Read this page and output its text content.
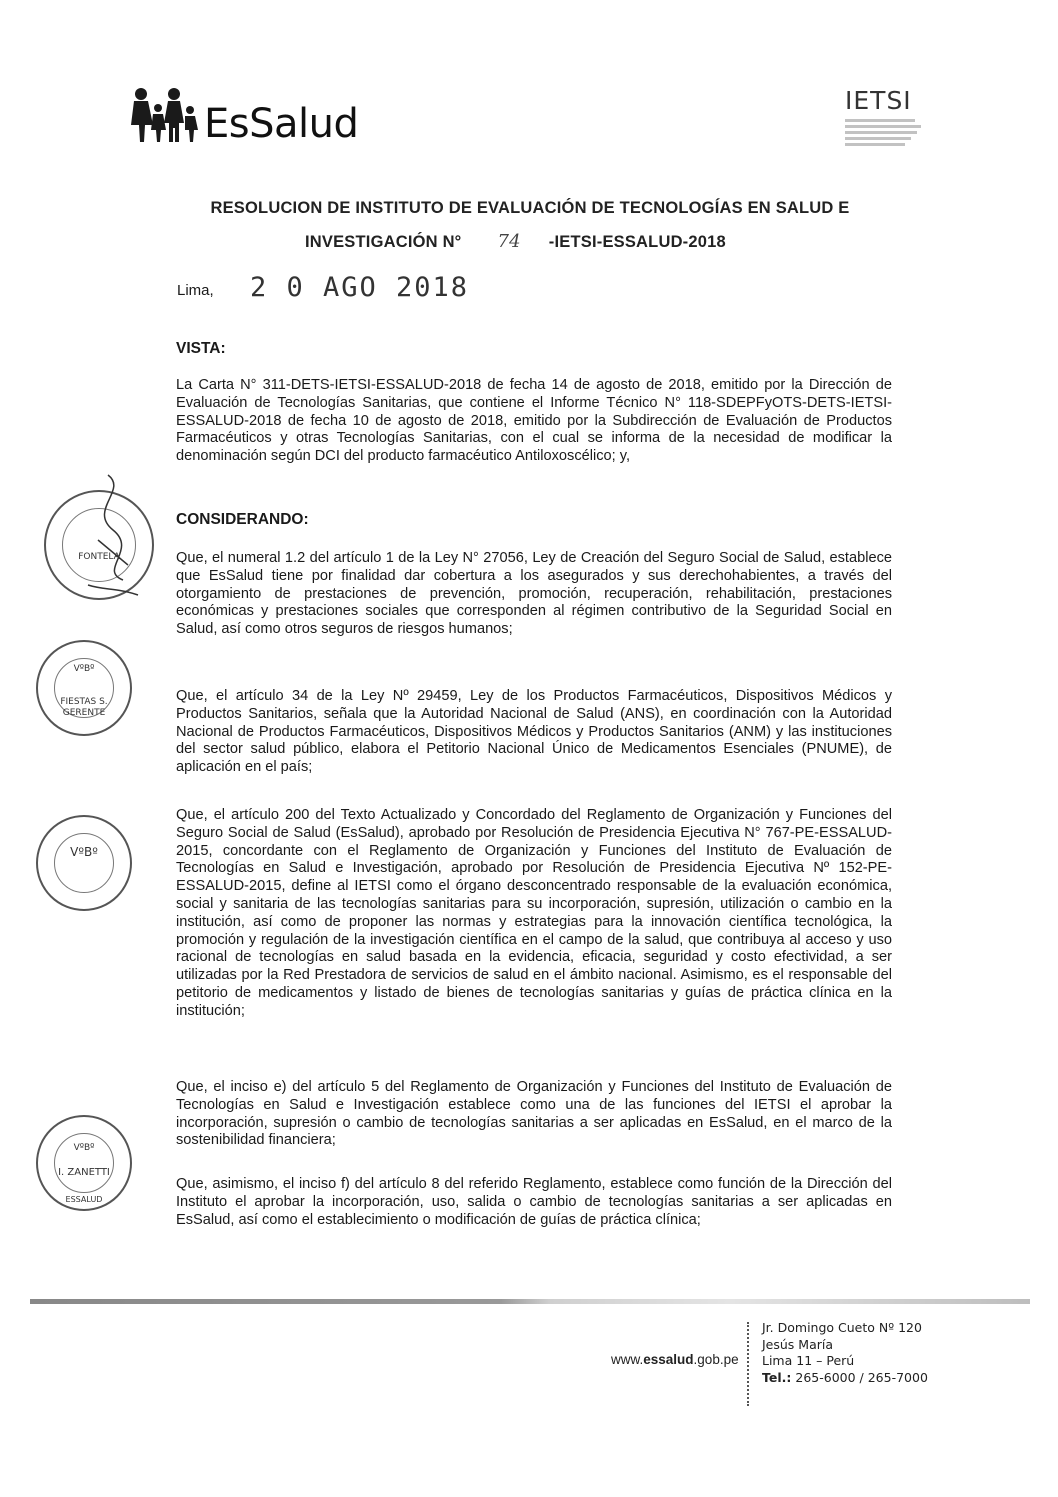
EsSalud
IETSI
RESOLUCION DE INSTITUTO DE EVALUACIÓN DE TECNOLOGÍAS EN SALUD E
INVESTIGACIÓN N° 74 -IETSI-ESSALUD-2018
Lima, 2 0 AGO 2018
VISTA:

La Carta N° 311-DETS-IETSI-ESSALUD-2018 de fecha 14 de agosto de 2018, emitido por la Dirección de Evaluación de Tecnologías Sanitarias, que contiene el Informe Técnico N° 118-SDEPFyOTS-DETS-IETSI-ESSALUD-2018 de fecha 10 de agosto de 2018, emitido por la Subdirección de Evaluación de Productos Farmacéuticos y otras Tecnologías Sanitarias, con el cual se informa de la necesidad de modificar la denominación según DCI del producto farmacéutico Antiloxoscélico; y,

CONSIDERANDO:

Que, el numeral 1.2 del artículo 1 de la Ley N° 27056, Ley de Creación del Seguro Social de Salud, establece que EsSalud tiene por finalidad dar cobertura a los asegurados y sus derechohabientes, a través del otorgamiento de prestaciones de prevención, promoción, recuperación, rehabilitación, prestaciones económicas y prestaciones sociales que corresponden al régimen contributivo de la Seguridad Social en Salud, así como otros seguros de riesgos humanos;

Que, el artículo 34 de la Ley Nº 29459, Ley de los Productos Farmacéuticos, Dispositivos Médicos y Productos Sanitarios, señala que la Autoridad Nacional de Salud (ANS), en coordinación con la Autoridad Nacional de Productos Farmacéuticos, Dispositivos Médicos y Productos Sanitarios (ANM) y las instituciones del sector salud público, elabora el Petitorio Nacional Único de Medicamentos Esenciales (PNUME), de aplicación en el país;

Que, el artículo 200 del Texto Actualizado y Concordado del Reglamento de Organización y Funciones del Seguro Social de Salud (EsSalud), aprobado por Resolución de Presidencia Ejecutiva N° 767-PE-ESSALUD-2015, concordante con el Reglamento de Organización y Funciones del Instituto de Evaluación de Tecnologías en Salud e Investigación, aprobado por Resolución de Presidencia Ejecutiva Nº 152-PE-ESSALUD-2015, define al IETSI como el órgano desconcentrado responsable de la evaluación económica, social y sanitaria de las tecnologías sanitarias para su incorporación, supresión, utilización o cambio en la institución, así como de proponer las normas y estrategias para la innovación científica tecnológica, la promoción y regulación de la investigación científica en el campo de la salud, que contribuya al acceso y uso racional de tecnologías en salud basada en la evidencia, eficacia, seguridad y costo efectividad, a ser utilizadas por la Red Prestadora de servicios de salud en el ámbito nacional. Asimismo, es el responsable del petitorio de medicamentos y listado de bienes de tecnologías sanitarias y guías de práctica clínica en la institución;

Que, el inciso e) del artículo 5 del Reglamento de Organización y Funciones del Instituto de Evaluación de Tecnologías en Salud e Investigación establece como una de las funciones del IETSI el aprobar la incorporación, supresión o cambio de tecnologías sanitarias a ser aplicadas en EsSalud, en el marco de la sostenibilidad financiera;

Que, asimismo, el inciso f) del artículo 8 del referido Reglamento, establece como función de la Dirección del Instituto el aprobar la incorporación, uso, salida o cambio de tecnologías sanitarias a ser aplicadas en EsSalud, así como el establecimiento o modificación de guías de práctica clínica;

FONTELA
VºBº
FIESTAS S.
GERENTE
VºBº
VºBº
I. ZANETTI
ESSALUD
www.essalud.gob.pe
Jr. Domingo Cueto Nº 120
Jesús María
Lima 11 – Perú
Tel.: 265-6000 / 265-7000
